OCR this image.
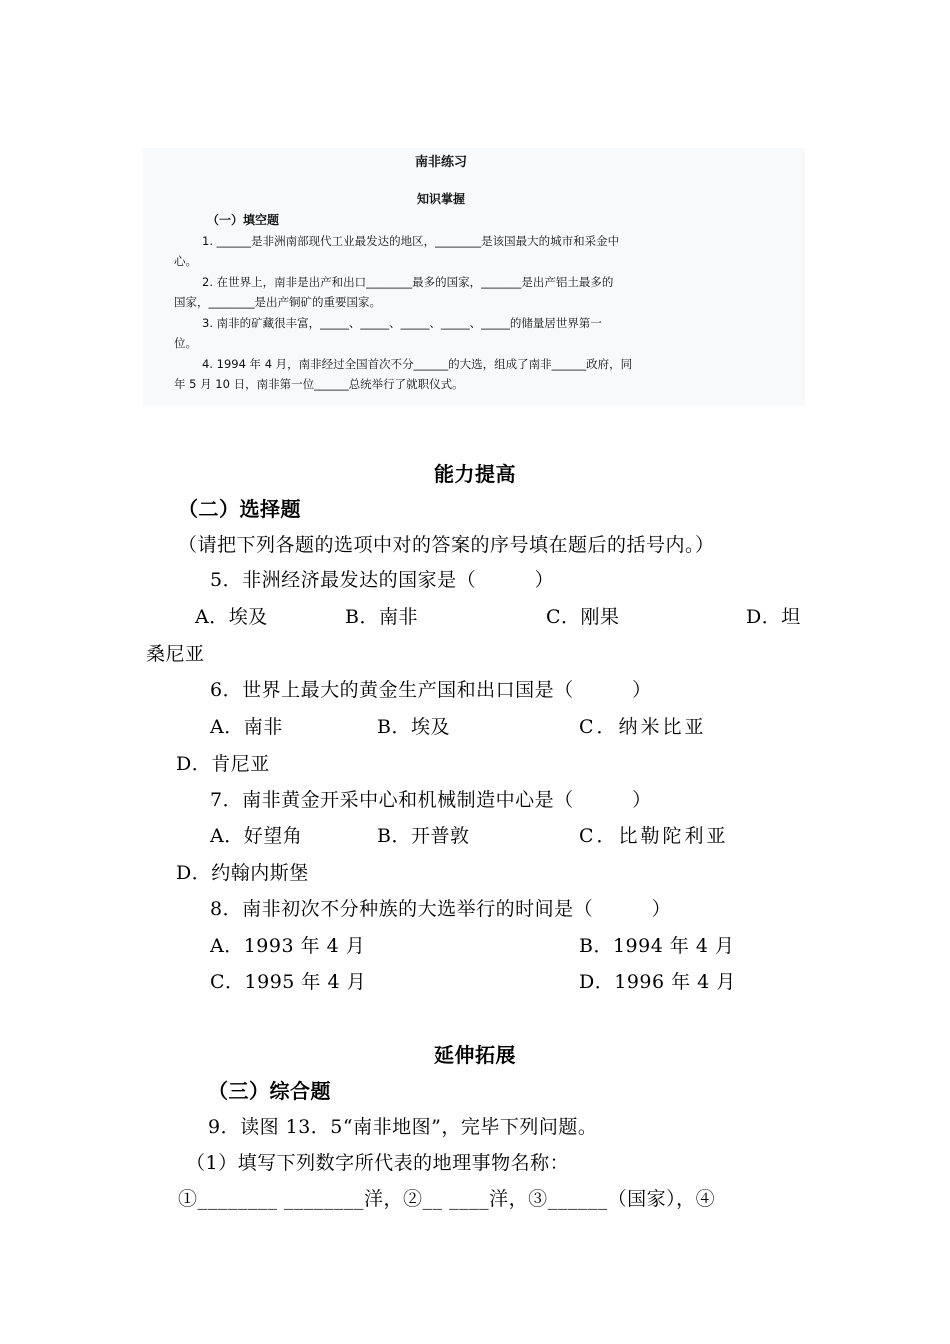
南非练习
知识掌握
（一）填空题
1. ______是非洲南部现代工业最发达的地区，________是该国最大的城市和采金中
心。
2. 在世界上，南非是出产和出口________最多的国家，_______是出产铝土最多的
国家，________是出产铜矿的重要国家。
3. 南非的矿藏很丰富，_____、_____、_____、_____、_____的储量居世界第一
位。
4. 1994 年 4 月，南非经过全国首次不分______的大选，组成了南非______政府，同
年 5 月 10 日，南非第一位______总统举行了就职仪式。
能力提高
（二）选择题
（请把下列各题的选项中对的答案的序号填在题后的括号内。）
5．非洲经济最发达的国家是（　　　）
A．埃及	B．南非	C．刚果	D．坦
桑尼亚
6．世界上最大的黄金生产国和出口国是（　　　）
A．南非	B．埃及	C．纳米比亚
D．肯尼亚
7．南非黄金开采中心和机械制造中心是（　　　）
A．好望角	B．开普敦	C．比勒陀利亚
D．约翰内斯堡
8．南非初次不分种族的大选举行的时间是（　　　）
A．1993 年 4 月	B．1994 年 4 月
C．1995 年 4 月	D．1996 年 4 月
延伸拓展
（三）综合题
9．读图 13．5“南非地图”，完毕下列问题。
（1）填写下列数字所代表的地理事物名称：
①________ ________洋，②__ ____洋，③______（国家），④
